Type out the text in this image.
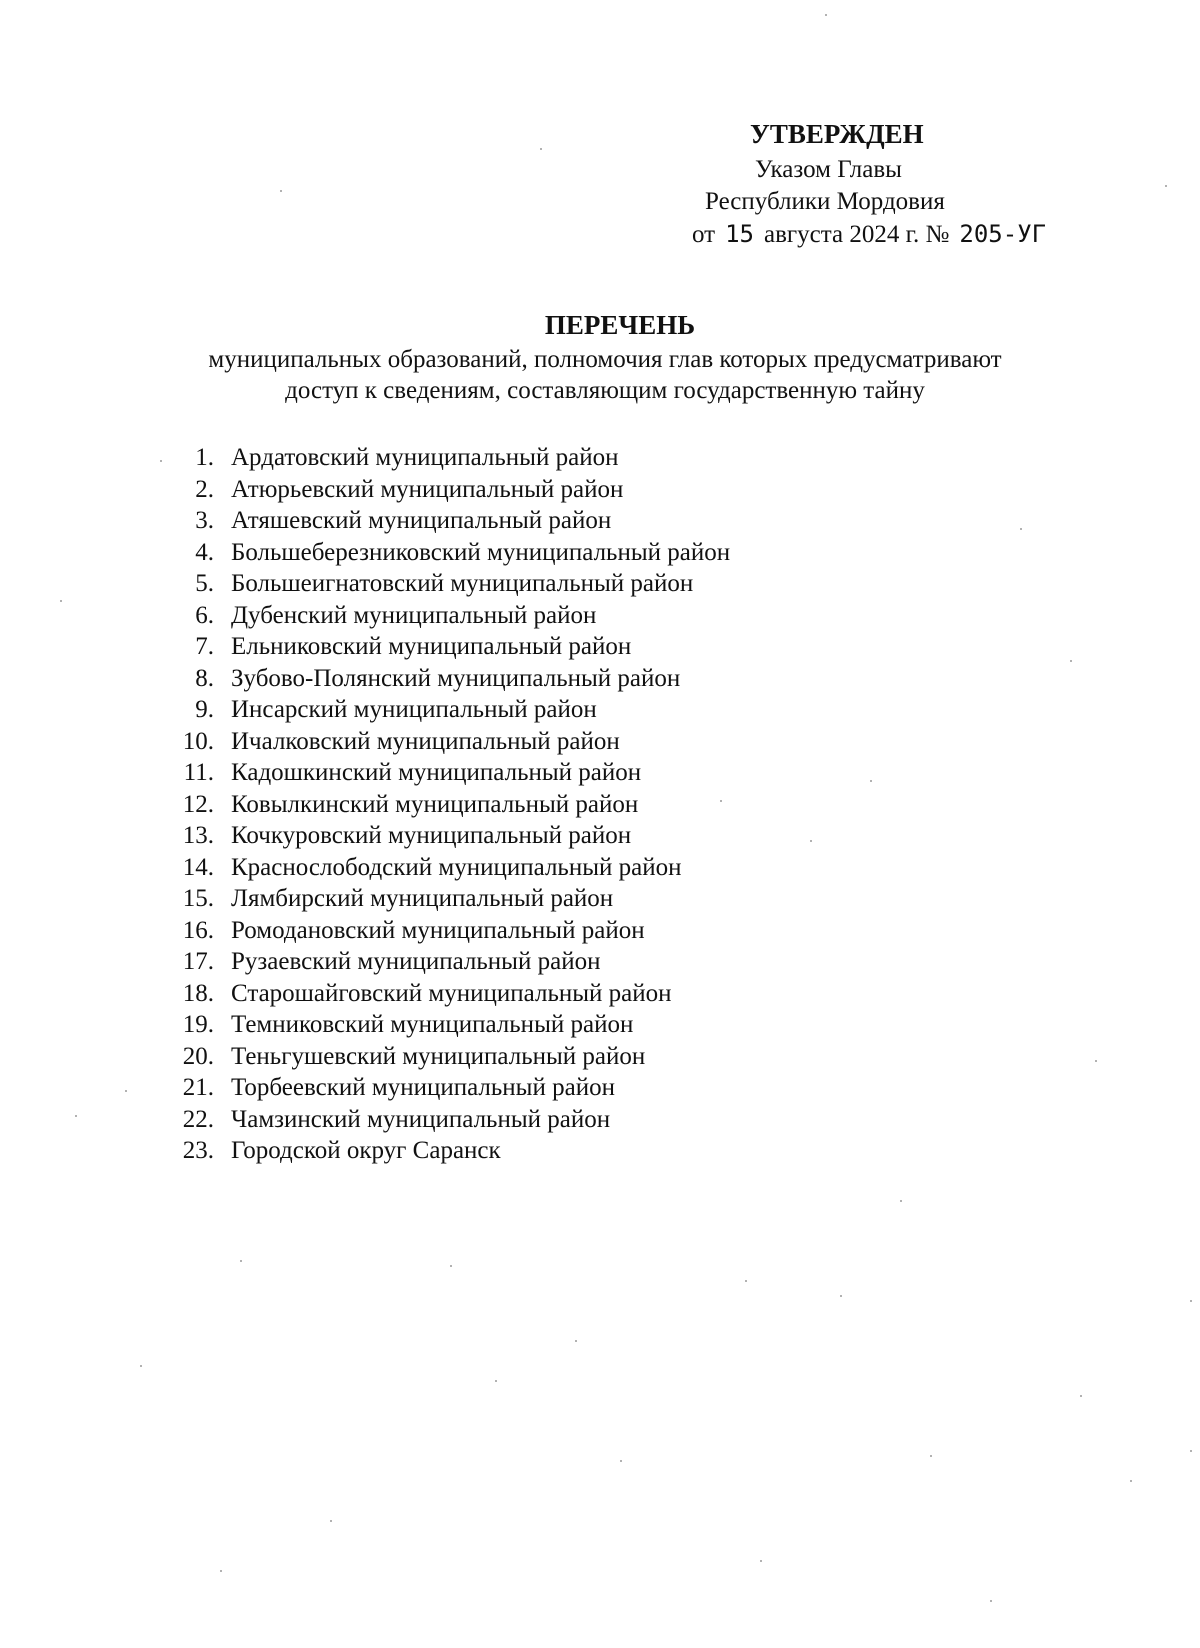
УТВЕРЖДЕН
Указом Главы
Республики Мордовия
от 15 августа 2024 г. № 205-УГ
ПЕРЕЧЕНЬ
муниципальных образований, полномочия глав которых предусматривают
доступ к сведениям, составляющим государственную тайну
1. Ардатовский муниципальный район
2. Атюрьевский муниципальный район
3. Атяшевский муниципальный район
4. Большеберезниковский муниципальный район
5. Большеигнатовский муниципальный район
6. Дубенский муниципальный район
7. Ельниковский муниципальный район
8. Зубово-Полянский муниципальный район
9. Инсарский муниципальный район
10. Ичалковский муниципальный район
11. Кадошкинский муниципальный район
12. Ковылкинский муниципальный район
13. Кочкуровский муниципальный район
14. Краснослободский муниципальный район
15. Лямбирский муниципальный район
16. Ромодановский муниципальный район
17. Рузаевский муниципальный район
18. Старошайговский муниципальный район
19. Темниковский муниципальный район
20. Теньгушевский муниципальный район
21. Торбеевский муниципальный район
22. Чамзинский муниципальный район
23. Городской округ Саранск
